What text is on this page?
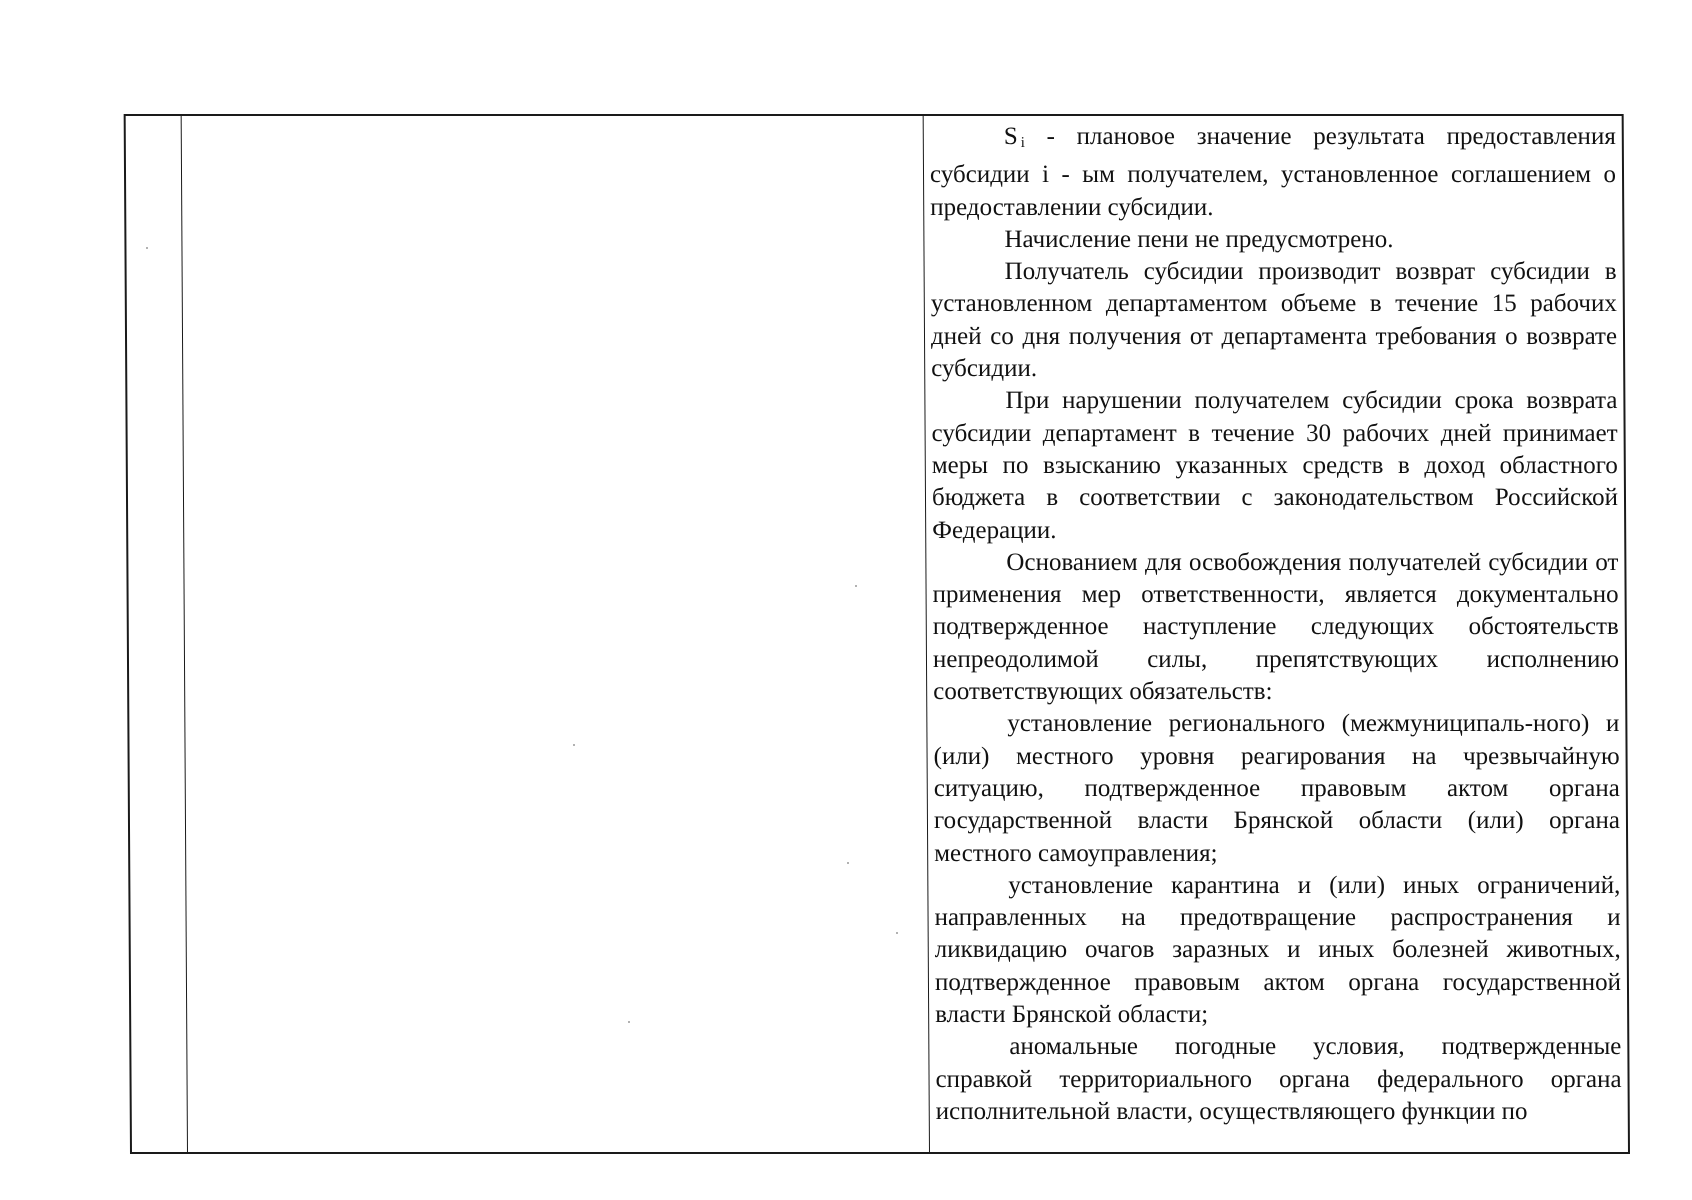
S $_i$ - плановое значение результата предоставления субсидии i - ым получателем, установленное соглашением о предоставлении субсидии.

Начисление пени не предусмотрено.

Получатель субсидии производит возврат субсидии в установленном департаментом объеме в течение 15 рабочих дней со дня получения от департамента требования о возврате субсидии.

При нарушении получателем субсидии срока возврата субсидии департамент в течение 30 рабочих дней принимает меры по взысканию указанных средств в доход областного бюджета в соответствии с законодательством Российской Федерации.

Основанием для освобождения получателей субсидии от применения мер ответственности, является документально подтвержденное наступление следующих обстоятельств непреодолимой силы, препятствующих исполнению соответствующих обязательств:

установление регионального (межмуниципаль-ного) и (или) местного уровня реагирования на чрезвычайную ситуацию, подтвержденное правовым актом органа государственной власти Брянской области (или) органа местного самоуправления;

установление карантина и (или) иных ограничений, направленных на предотвращение распространения и ликвидацию очагов заразных и иных болезней животных, подтвержденное правовым актом органа государственной власти Брянской области;

аномальные погодные условия, подтвержденные справкой территориального органа федерального органа исполнительной власти, осуществляющего функции по
